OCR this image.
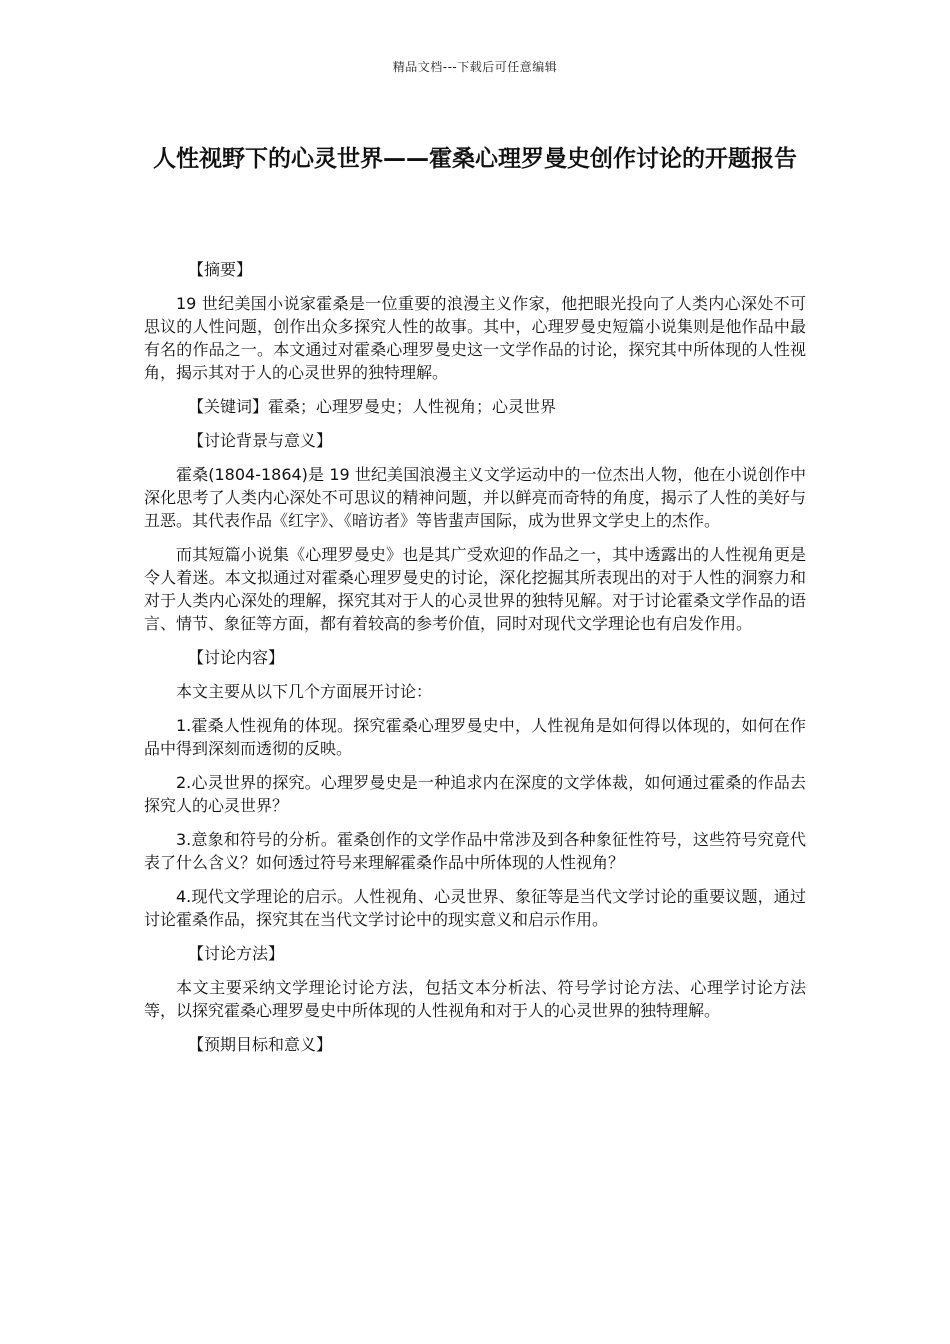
精品文档---下载后可任意编辑
人性视野下的心灵世界——霍桑心理罗曼史创作讨论的开题报告
【摘要】
19 世纪美国小说家霍桑是一位重要的浪漫主义作家，他把眼光投向了人类内心深处不可思议的人性问题，创作出众多探究人性的故事。其中，心理罗曼史短篇小说集则是他作品中最有名的作品之一。本文通过对霍桑心理罗曼史这一文学作品的讨论，探究其中所体现的人性视角，揭示其对于人的心灵世界的独特理解。
【关键词】霍桑；心理罗曼史；人性视角；心灵世界
【讨论背景与意义】
霍桑(1804-1864)是 19 世纪美国浪漫主义文学运动中的一位杰出人物，他在小说创作中深化思考了人类内心深处不可思议的精神问题，并以鲜亮而奇特的角度，揭示了人性的美好与丑恶。其代表作品《红字》、《暗访者》等皆蜚声国际，成为世界文学史上的杰作。
而其短篇小说集《心理罗曼史》也是其广受欢迎的作品之一，其中透露出的人性视角更是令人着迷。本文拟通过对霍桑心理罗曼史的讨论，深化挖掘其所表现出的对于人性的洞察力和对于人类内心深处的理解，探究其对于人的心灵世界的独特见解。对于讨论霍桑文学作品的语言、情节、象征等方面，都有着较高的参考价值，同时对现代文学理论也有启发作用。
【讨论内容】
本文主要从以下几个方面展开讨论：
1.霍桑人性视角的体现。探究霍桑心理罗曼史中，人性视角是如何得以体现的，如何在作品中得到深刻而透彻的反映。
2.心灵世界的探究。心理罗曼史是一种追求内在深度的文学体裁，如何通过霍桑的作品去探究人的心灵世界？
3.意象和符号的分析。霍桑创作的文学作品中常涉及到各种象征性符号，这些符号究竟代表了什么含义？如何透过符号来理解霍桑作品中所体现的人性视角？
4.现代文学理论的启示。人性视角、心灵世界、象征等是当代文学讨论的重要议题，通过讨论霍桑作品，探究其在当代文学讨论中的现实意义和启示作用。
【讨论方法】
本文主要采纳文学理论讨论方法，包括文本分析法、符号学讨论方法、心理学讨论方法等，以探究霍桑心理罗曼史中所体现的人性视角和对于人的心灵世界的独特理解。
【预期目标和意义】
